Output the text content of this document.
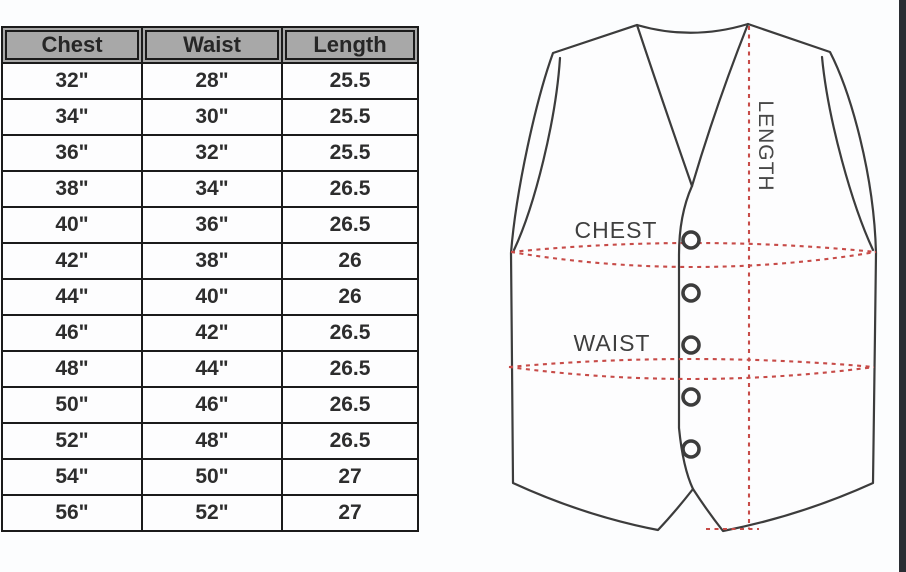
Chest	Waist	Length

32"	28"	25.5
34"	30"	25.5
36"	32"	25.5
38"	34"	26.5
40"	36"	26.5
42"	38"	26
44"	40"	26
46"	42"	26.5
48"	44"	26.5
50"	46"	26.5
52"	48"	26.5
54"	50"	27
56"	52"	27
CHEST
WAIST
LENGTH
